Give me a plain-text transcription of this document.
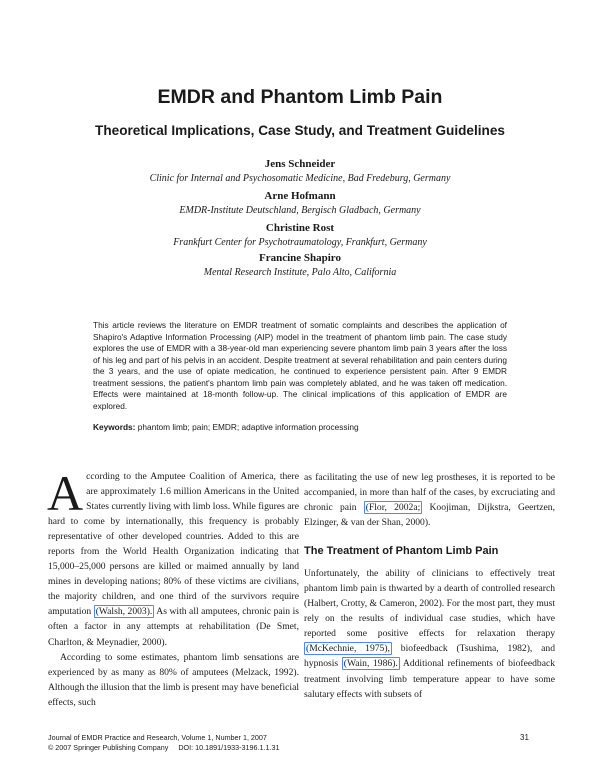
EMDR and Phantom Limb Pain
Theoretical Implications, Case Study, and Treatment Guidelines
Jens Schneider
Clinic for Internal and Psychosomatic Medicine, Bad Fredeburg, Germany
Arne Hofmann
EMDR-Institute Deutschland, Bergisch Gladbach, Germany
Christine Rost
Frankfurt Center for Psychotraumatology, Frankfurt, Germany
Francine Shapiro
Mental Research Institute, Palo Alto, California

This article reviews the literature on EMDR treatment of somatic complaints and describes the application of Shapiro's Adaptive Information Processing (AIP) model in the treatment of phantom limb pain. The case study explores the use of EMDR with a 38-year-old man experiencing severe phantom limb pain 3 years after the loss of his leg and part of his pelvis in an accident. Despite treatment at several rehabilitation and pain centers during the 3 years, and the use of opiate medication, he continued to experience persistent pain. After 9 EMDR treatment sessions, the patient's phantom limb pain was completely ablated, and he was taken off medication. Effects were maintained at 18-month follow-up. The clinical implications of this application of EMDR are explored.

Keywords: phantom limb; pain; EMDR; adaptive information processing

According to the Amputee Coalition of America, there are approximately 1.6 million Americans in the United States currently living with limb loss. While figures are hard to come by internationally, this frequency is probably representative of other developed countries. Added to this are reports from the World Health Organization indicating that 15,000–25,000 persons are killed or maimed annually by land mines in developing nations; 80% of these victims are civilians, the majority children, and one third of the survivors require amputation (Walsh, 2003). As with all amputees, chronic pain is often a factor in any attempts at rehabilitation (De Smet, Charlton, & Meynadier, 2000).

According to some estimates, phantom limb sensations are experienced by as many as 80% of amputees (Melzack, 1992). Although the illusion that the limb is present may have beneficial effects, such

as facilitating the use of new leg prostheses, it is reported to be accompanied, in more than half of the cases, by excruciating and chronic pain (Flor, 2002a; Koojiman, Dijkstra, Geertzen, Elzinger, & van der Shan, 2000).

The Treatment of Phantom Limb Pain

Unfortunately, the ability of clinicians to effectively treat phantom limb pain is thwarted by a dearth of controlled research (Halbert, Crotty, & Cameron, 2002). For the most part, they must rely on the results of individual case studies, which have reported some positive effects for relaxation therapy (McKechnie, 1975), biofeedback (Tsushima, 1982), and hypnosis (Wain, 1986). Additional refinements of biofeedback treatment involving limb temperature appear to have some salutary effects with subsets of

Journal of EMDR Practice and Research, Volume 1, Number 1, 2007
© 2007 Springer Publishing Company     DOI: 10.1891/1933-3196.1.1.31
31
